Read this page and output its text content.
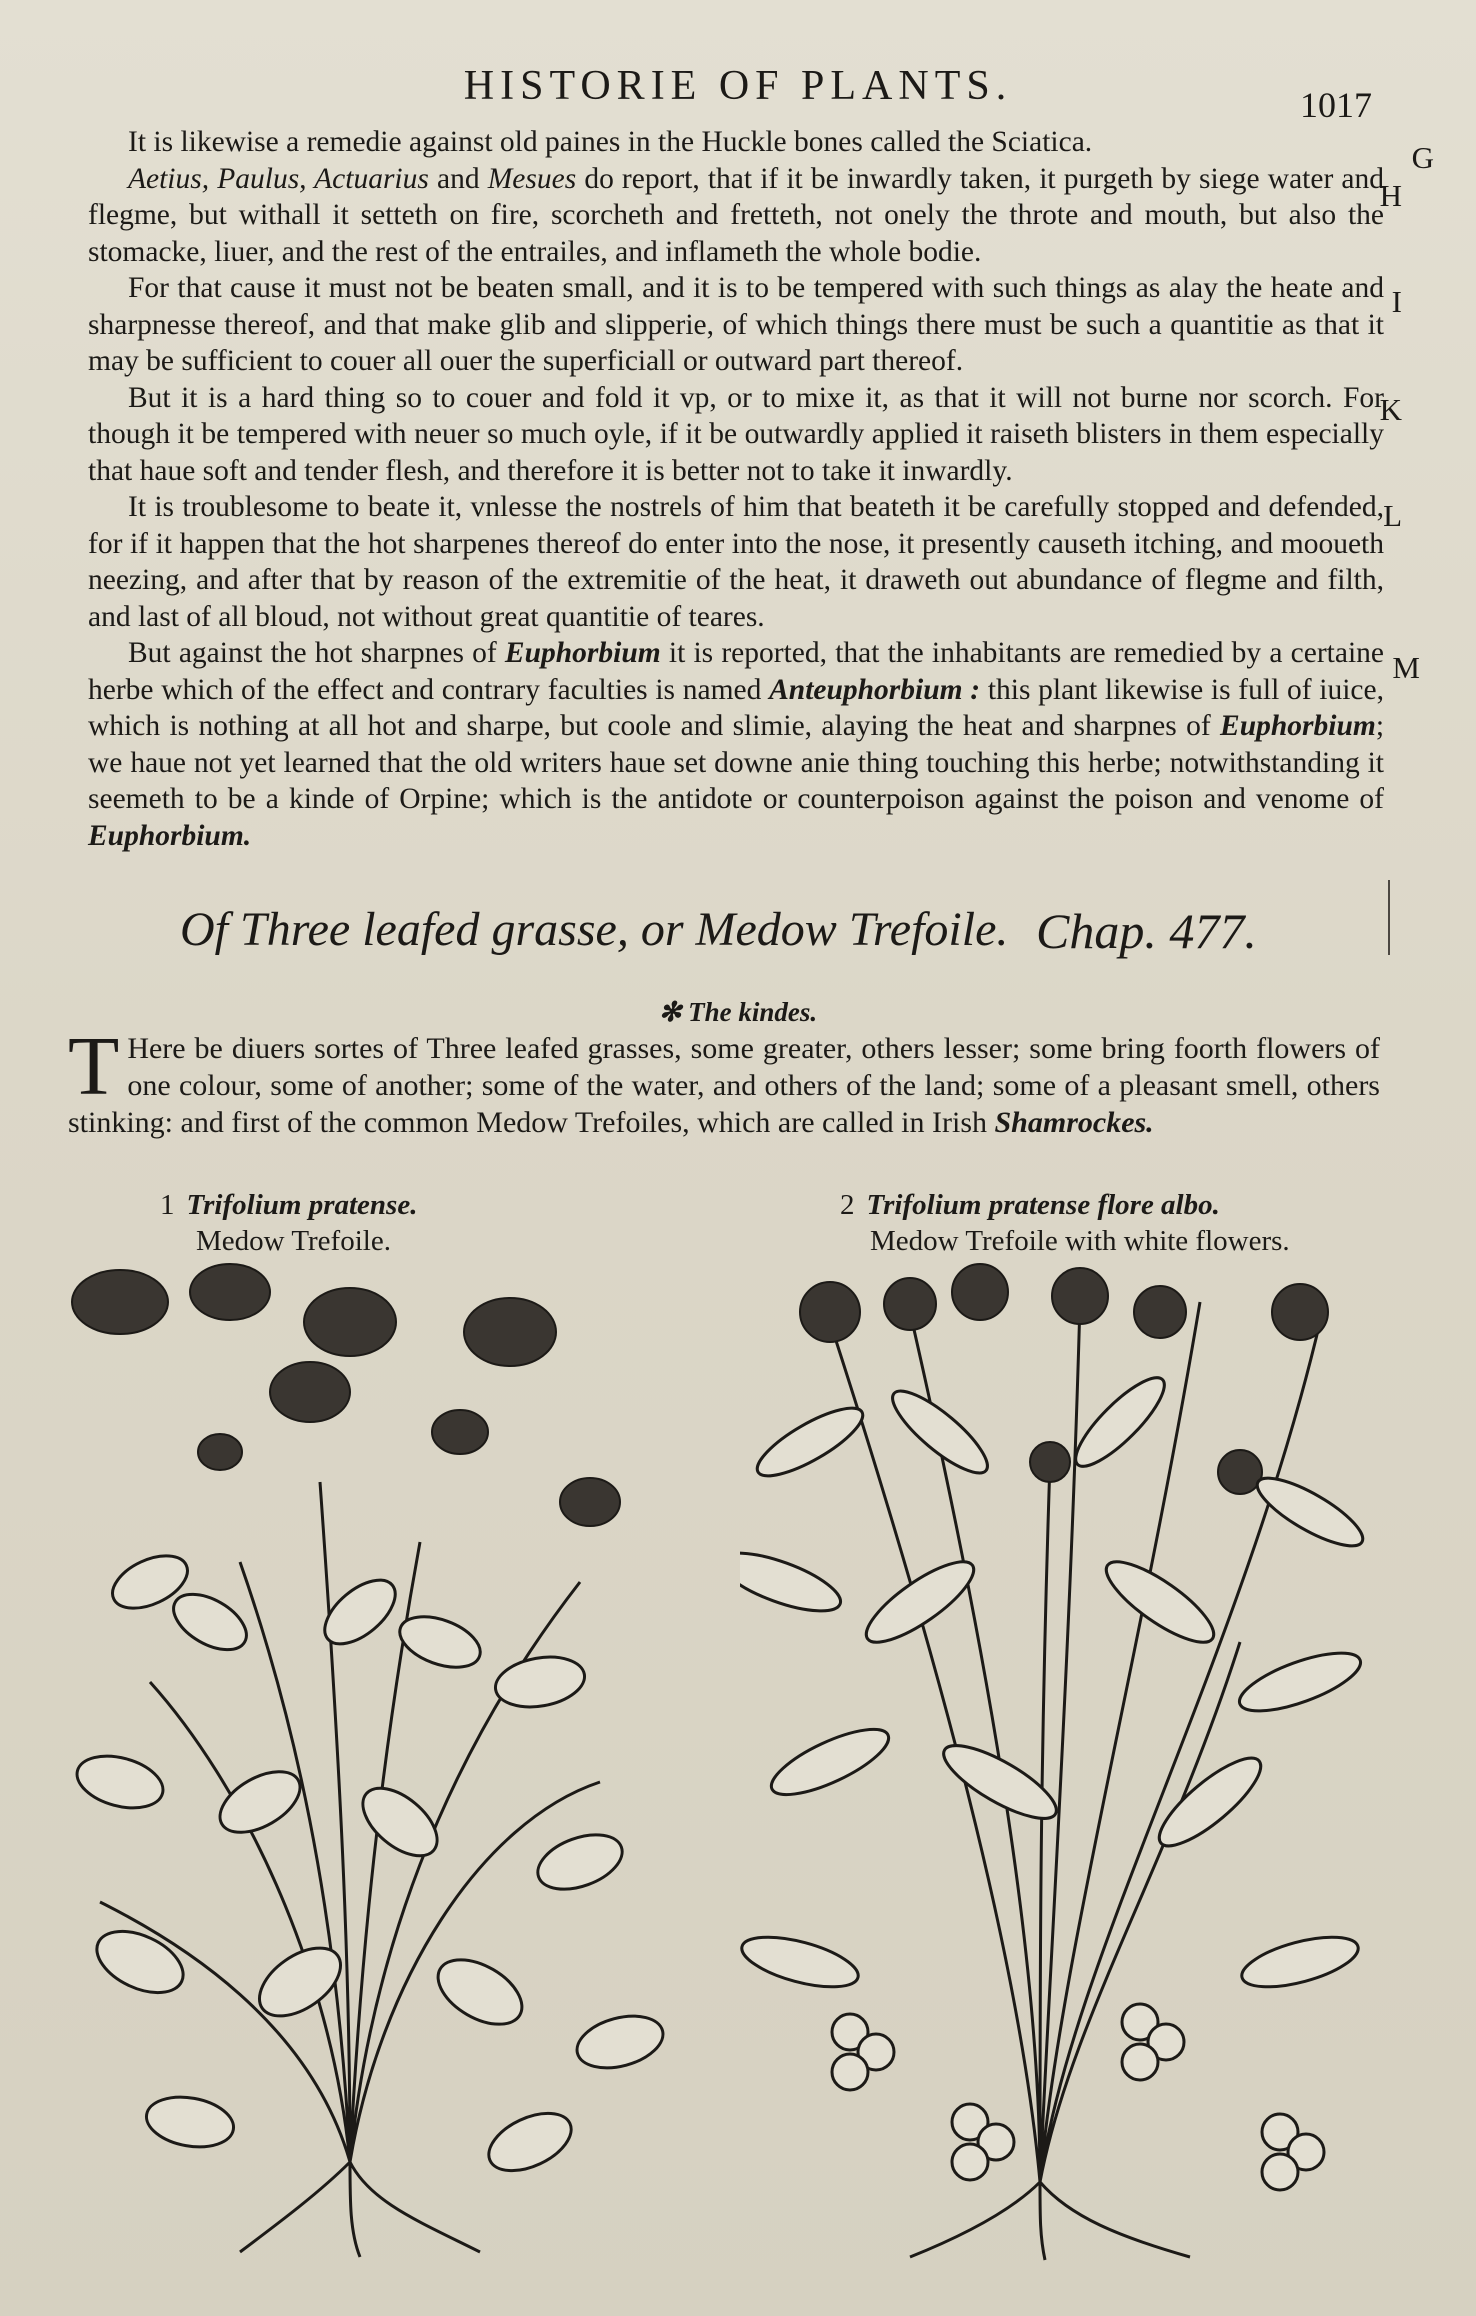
HISTORIE OF PLANTS.	1017
G
H
I
K
L
M

It is likewise a remedie against old paines in the Huckle bones called the Sciatica.

Aetius, Paulus, Actuarius and Mesues do report, that if it be inwardly taken, it purgeth by siege water and flegme, but withall it setteth on fire, scorcheth and fretteth, not onely the throte and mouth, but also the stomacke, liuer, and the rest of the entrailes, and inflameth the whole bodie.

For that cause it must not be beaten small, and it is to be tempered with such things as alay the heate and sharpnesse thereof, and that make glib and slipperie, of which things there must be such a quantitie as that it may be sufficient to couer all ouer the superficiall or outward part thereof.

But it is a hard thing so to couer and fold it vp, or to mixe it, as that it will not burne nor scorch. For though it be tempered with neuer so much oyle, if it be outwardly applied it raiseth blisters in them especially that haue soft and tender flesh, and therefore it is better not to take it inwardly.

It is troublesome to beate it, vnlesse the nostrels of him that beateth it be carefully stopped and defended, for if it happen that the hot sharpenes thereof do enter into the nose, it presently causeth itching, and mooueth neezing, and after that by reason of the extremitie of the heat, it draweth out abundance of flegme and filth, and last of all bloud, not without great quantitie of teares.

But against the hot sharpnes of Euphorbium it is reported, that the inhabitants are remedied by a certaine herbe which of the effect and contrary faculties is named Anteuphorbium : this plant likewise is full of iuice, which is nothing at all hot and sharpe, but coole and slimie, alaying the heat and sharpnes of Euphorbium; we haue not yet learned that the old writers haue set downe anie thing touching this herbe; notwithstanding it seemeth to be a kinde of Orpine; which is the antidote or counterpoison against the poison and venome of Euphorbium.

Of Three leafed grasse, or Medow Trefoile. Chap. 477.
✻ The kindes.
T Here be diuers sortes of Three leafed grasses, some greater, others lesser; some bring foorth flowers of one colour, some of another; some of the water, and others of the land; some of a pleasant smell, others stinking: and first of the common Medow Trefoiles, which are called in Irish Shamrockes.
1 Trifolium pratense.
Medow Trefoile.
2 Trifolium pratense flore albo.
Medow Trefoile with white flowers.
